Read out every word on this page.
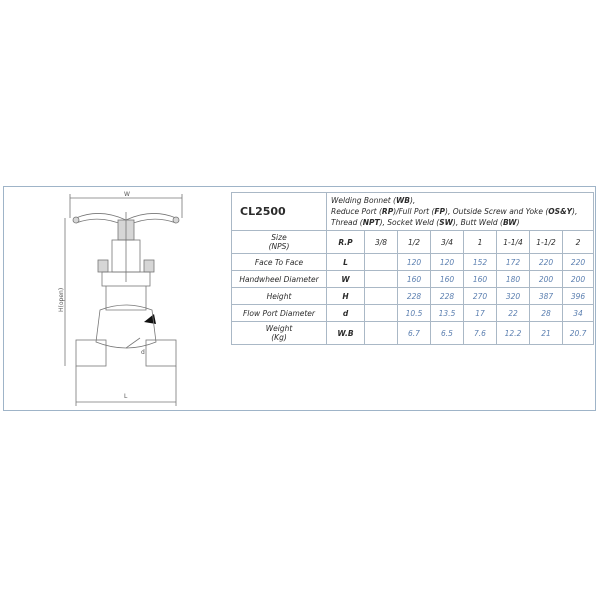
W
d
H(open)
L
CL2500	Welding Bonnet (WB),
Reduce Port (RP)/Full Port (FP), Outside Screw and Yoke (OS&Y),
Thread (NPT), Socket Weld (SW), Butt Weld (BW)							

Size
(NPS)	R.P	3/8	1/2	3/4	1	1-1/4	1-1/2	2
Face To Face	L		120	120	152	172	220	220
Handwheel Diameter	W		160	160	160	180	200	200
Height	H		228	228	270	320	387	396
Flow Port Diameter	d		10.5	13.5	17	22	28	34
Weight
(Kg)	W.B		6.7	6.5	7.6	12.2	21	20.7
